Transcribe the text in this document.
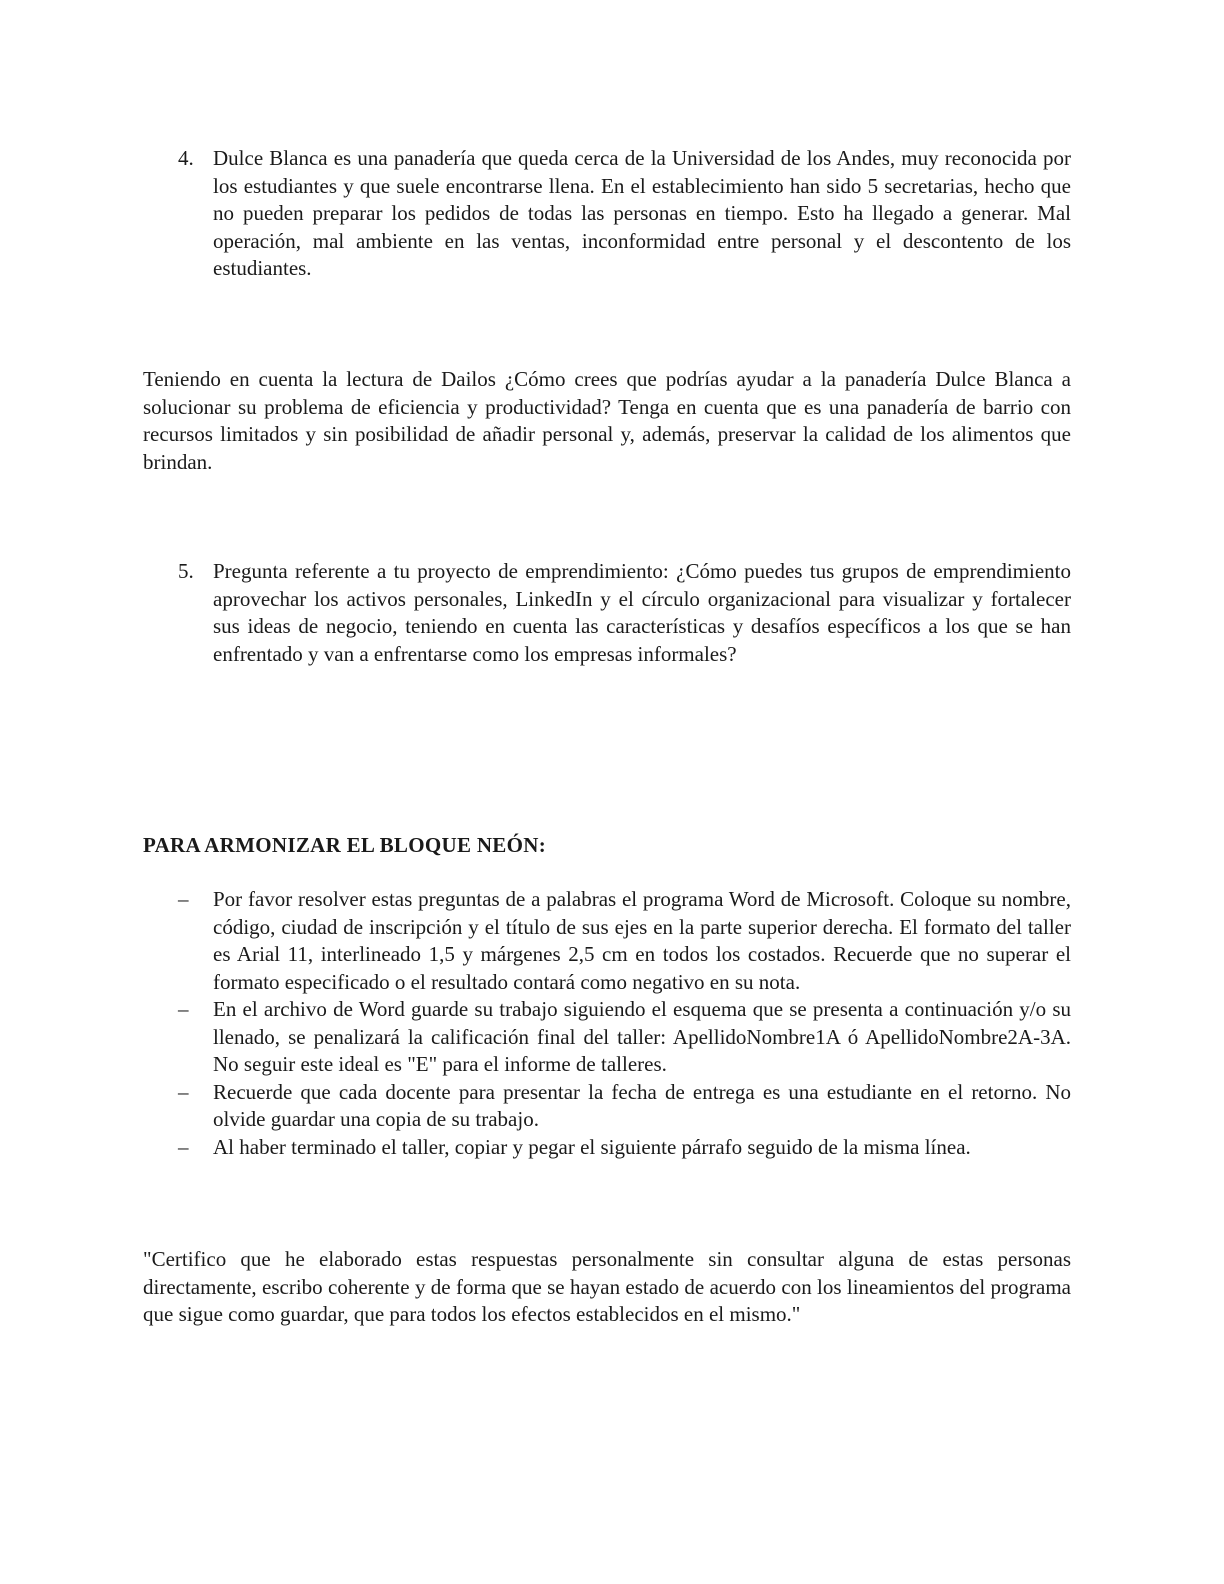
4. Dulce Blanca es una panadería que queda cerca de la Universidad de los Andes, muy reconocida por los estudiantes y que suele encontrarse llena. En el establecimiento han sido 5 secretarias, hecho que no pueden preparar los pedidos de todas las personas en tiempo. Esto ha llegado a generar. Mal operación, mal ambiente en las ventas, inconformidad entre personal y el descontento de los estudiantes.
Teniendo en cuenta la lectura de Dailos ¿Cómo crees que podrías ayudar a la panadería Dulce Blanca a solucionar su problema de eficiencia y productividad? Tenga en cuenta que es una panadería de barrio con recursos limitados y sin posibilidad de añadir personal y, además, preservar la calidad de los alimentos que brindan.
5. Pregunta referente a tu proyecto de emprendimiento: ¿Cómo puedes tus grupos de emprendimiento aprovechar los activos personales, LinkedIn y el círculo organizacional para visualizar y fortalecer sus ideas de negocio, teniendo en cuenta las características y desafíos específicos a los que se han enfrentado y van a enfrentarse como los empresas informales?
PARA ARMONIZAR EL BLOQUE NEÓN:
–	Por favor resolver estas preguntas de a palabras el programa Word de Microsoft. Coloque su nombre, código, ciudad de inscripción y el título de sus ejes en la parte superior derecha. El formato del taller es Arial 11, interlineado 1,5 y márgenes 2,5 cm en todos los costados. Recuerde que no superar el formato especificado o el resultado contará como negativo en su nota.
–	En el archivo de Word guarde su trabajo siguiendo el esquema que se presenta a continuación y/o su llenado, se penalizará la calificación final del taller: ApellidoNombre1A ó ApellidoNombre2A-3A. No seguir este ideal es "E" para el informe de talleres.
–	Recuerde que cada docente para presentar la fecha de entrega es una estudiante en el retorno. No olvide guardar una copia de su trabajo.
–	Al haber terminado el taller, copiar y pegar el siguiente párrafo seguido de la misma línea.
"Certifico que he elaborado estas respuestas personalmente sin consultar alguna de estas personas directamente, escribo coherente y de forma que se hayan estado de acuerdo con los lineamientos del programa que sigue como guardar, que para todos los efectos establecidos en el mismo."
